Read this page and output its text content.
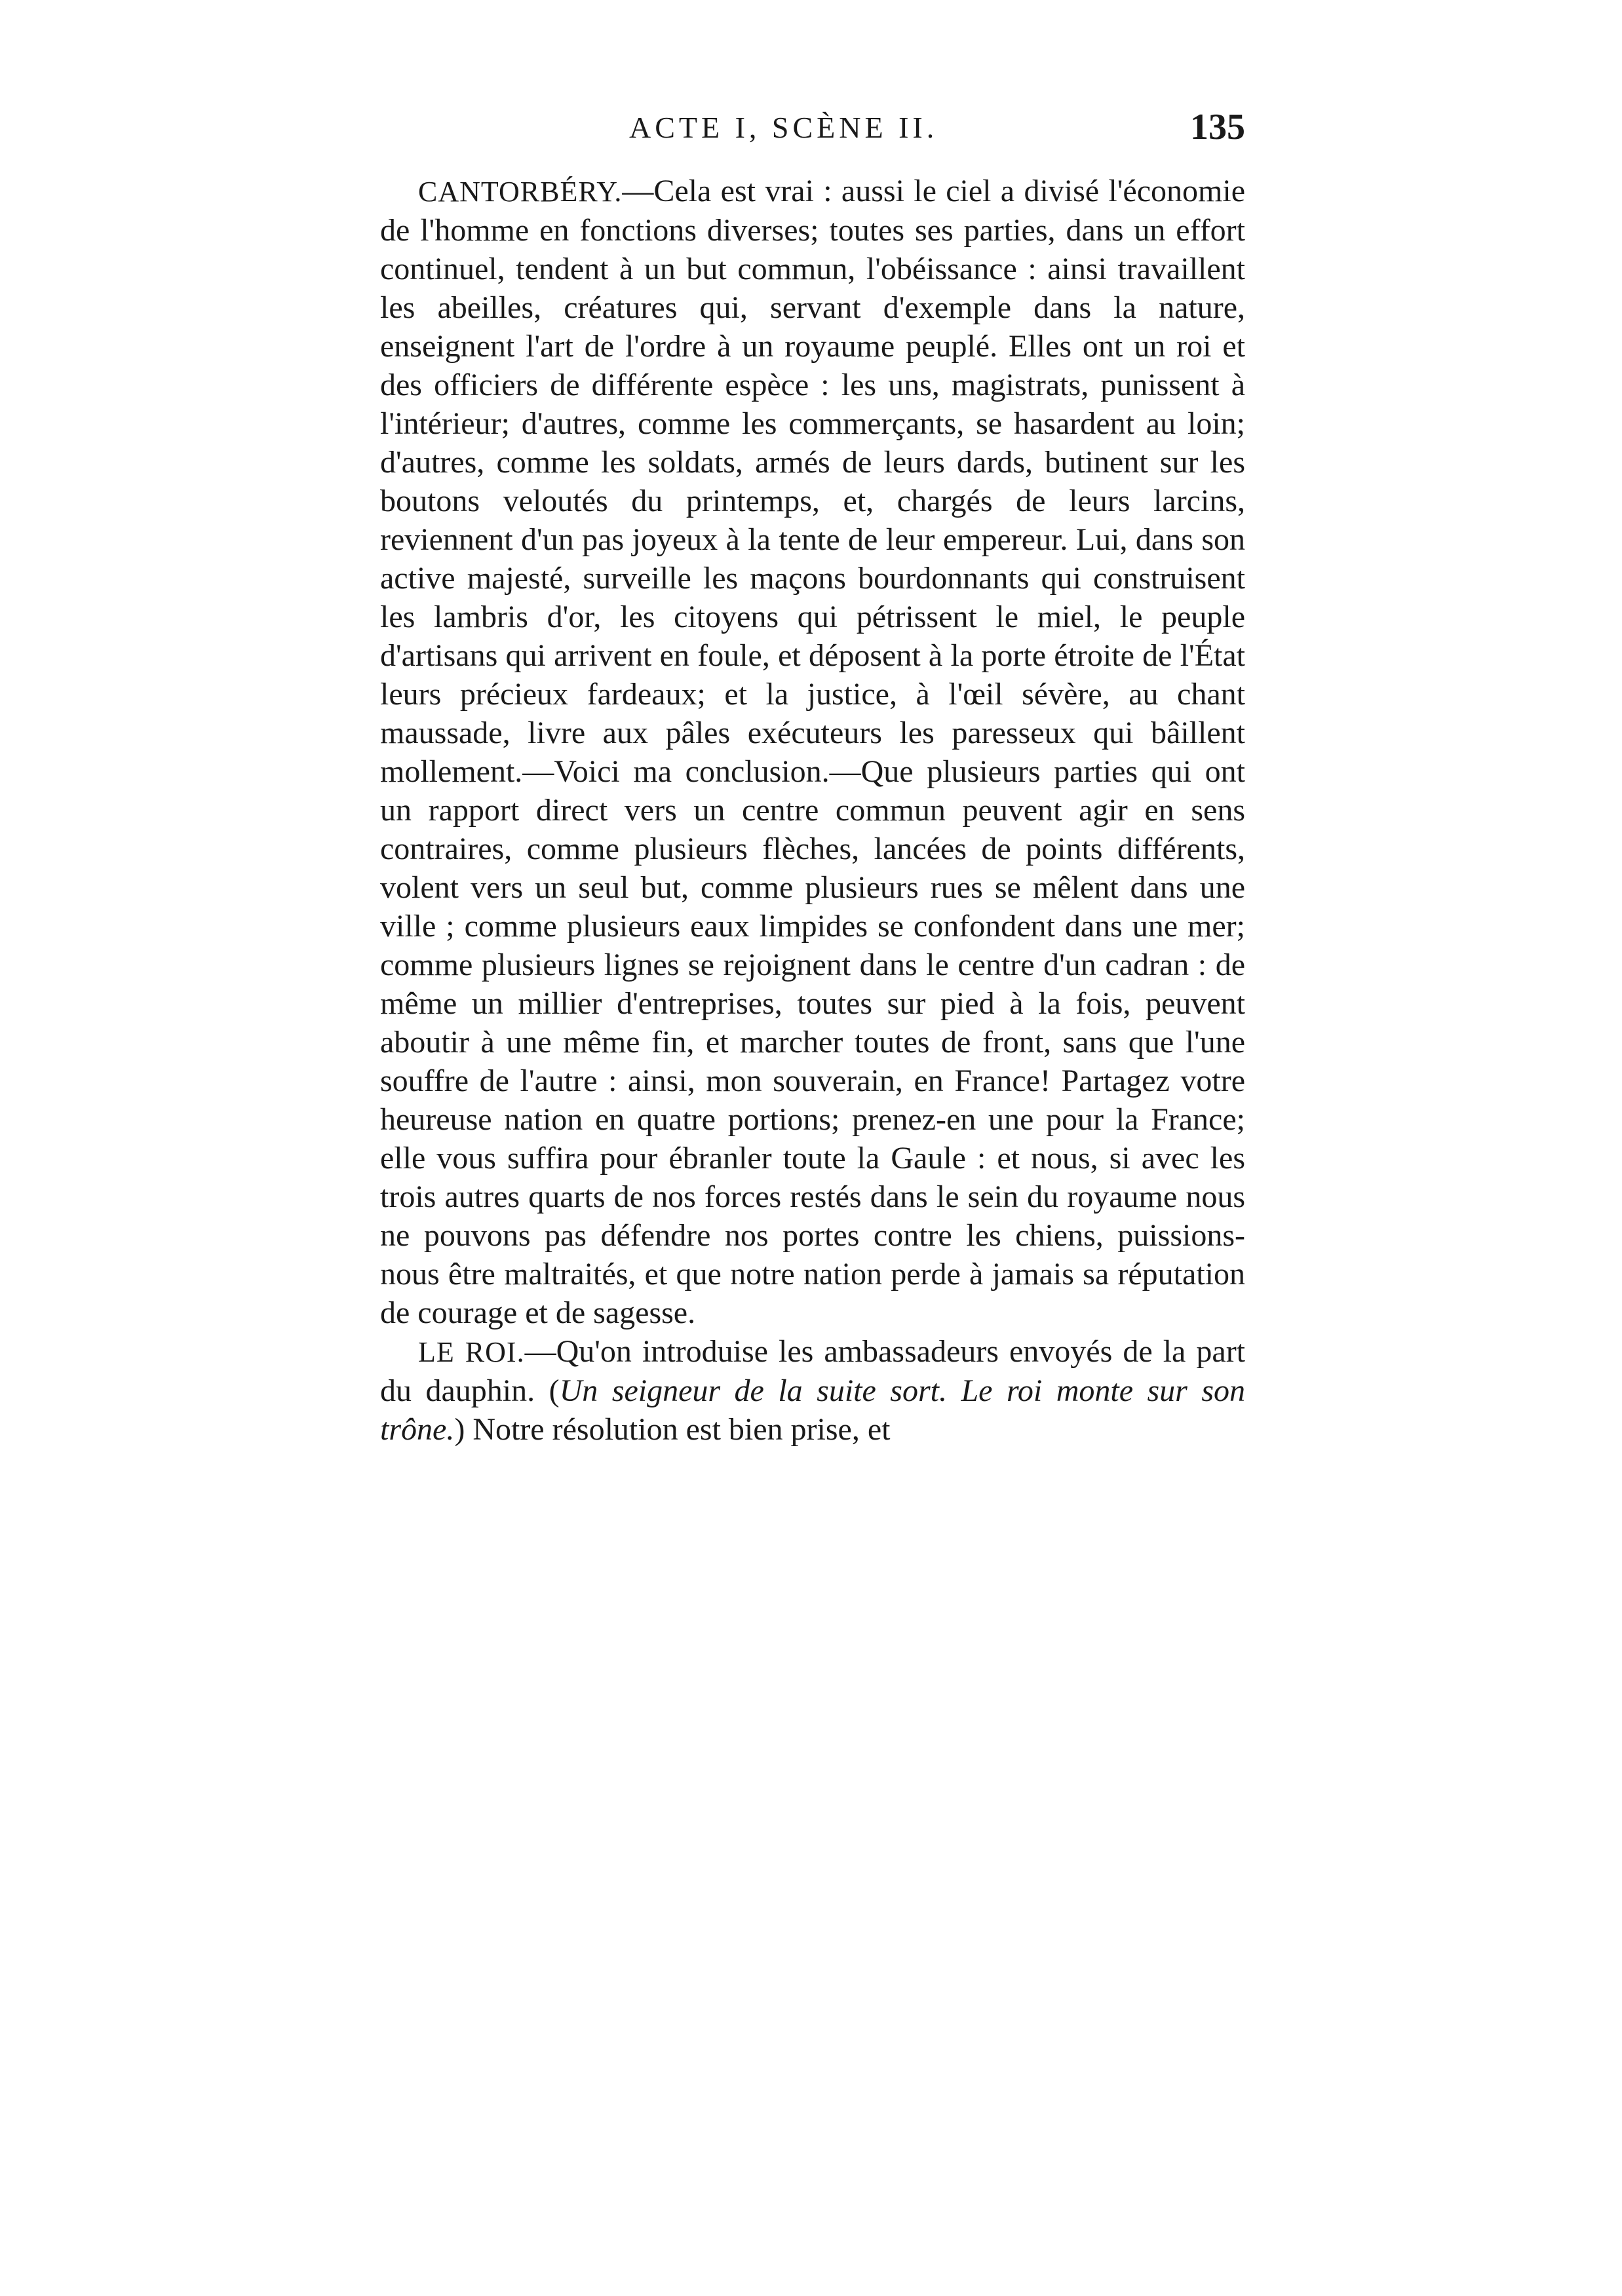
ACTE I, SCÈNE II.	135

CANTORBÉRY.—Cela est vrai : aussi le ciel a divisé l'économie de l'homme en fonctions diverses; toutes ses parties, dans un effort continuel, tendent à un but commun, l'obéissance : ainsi travaillent les abeilles, créatures qui, servant d'exemple dans la nature, enseignent l'art de l'ordre à un royaume peuplé. Elles ont un roi et des officiers de différente espèce : les uns, magistrats, punissent à l'intérieur; d'autres, comme les commerçants, se hasardent au loin; d'autres, comme les soldats, armés de leurs dards, butinent sur les boutons veloutés du printemps, et, chargés de leurs larcins, reviennent d'un pas joyeux à la tente de leur empereur. Lui, dans son active majesté, surveille les maçons bourdonnants qui construisent les lambris d'or, les citoyens qui pétrissent le miel, le peuple d'artisans qui arrivent en foule, et déposent à la porte étroite de l'État leurs précieux fardeaux; et la justice, à l'œil sévère, au chant maussade, livre aux pâles exécuteurs les paresseux qui bâillent mollement.—Voici ma conclusion.—Que plusieurs parties qui ont un rapport direct vers un centre commun peuvent agir en sens contraires, comme plusieurs flèches, lancées de points différents, volent vers un seul but, comme plusieurs rues se mêlent dans une ville ; comme plusieurs eaux limpides se confondent dans une mer; comme plusieurs lignes se rejoignent dans le centre d'un cadran : de même un millier d'entreprises, toutes sur pied à la fois, peuvent aboutir à une même fin, et marcher toutes de front, sans que l'une souffre de l'autre : ainsi, mon souverain, en France! Partagez votre heureuse nation en quatre portions; prenez-en une pour la France; elle vous suffira pour ébranler toute la Gaule : et nous, si avec les trois autres quarts de nos forces restés dans le sein du royaume nous ne pouvons pas défendre nos portes contre les chiens, puissions-nous être maltraités, et que notre nation perde à jamais sa réputation de courage et de sagesse.

LE ROI.—Qu'on introduise les ambassadeurs envoyés de la part du dauphin. (Un seigneur de la suite sort. Le roi monte sur son trône.) Notre résolution est bien prise, et
